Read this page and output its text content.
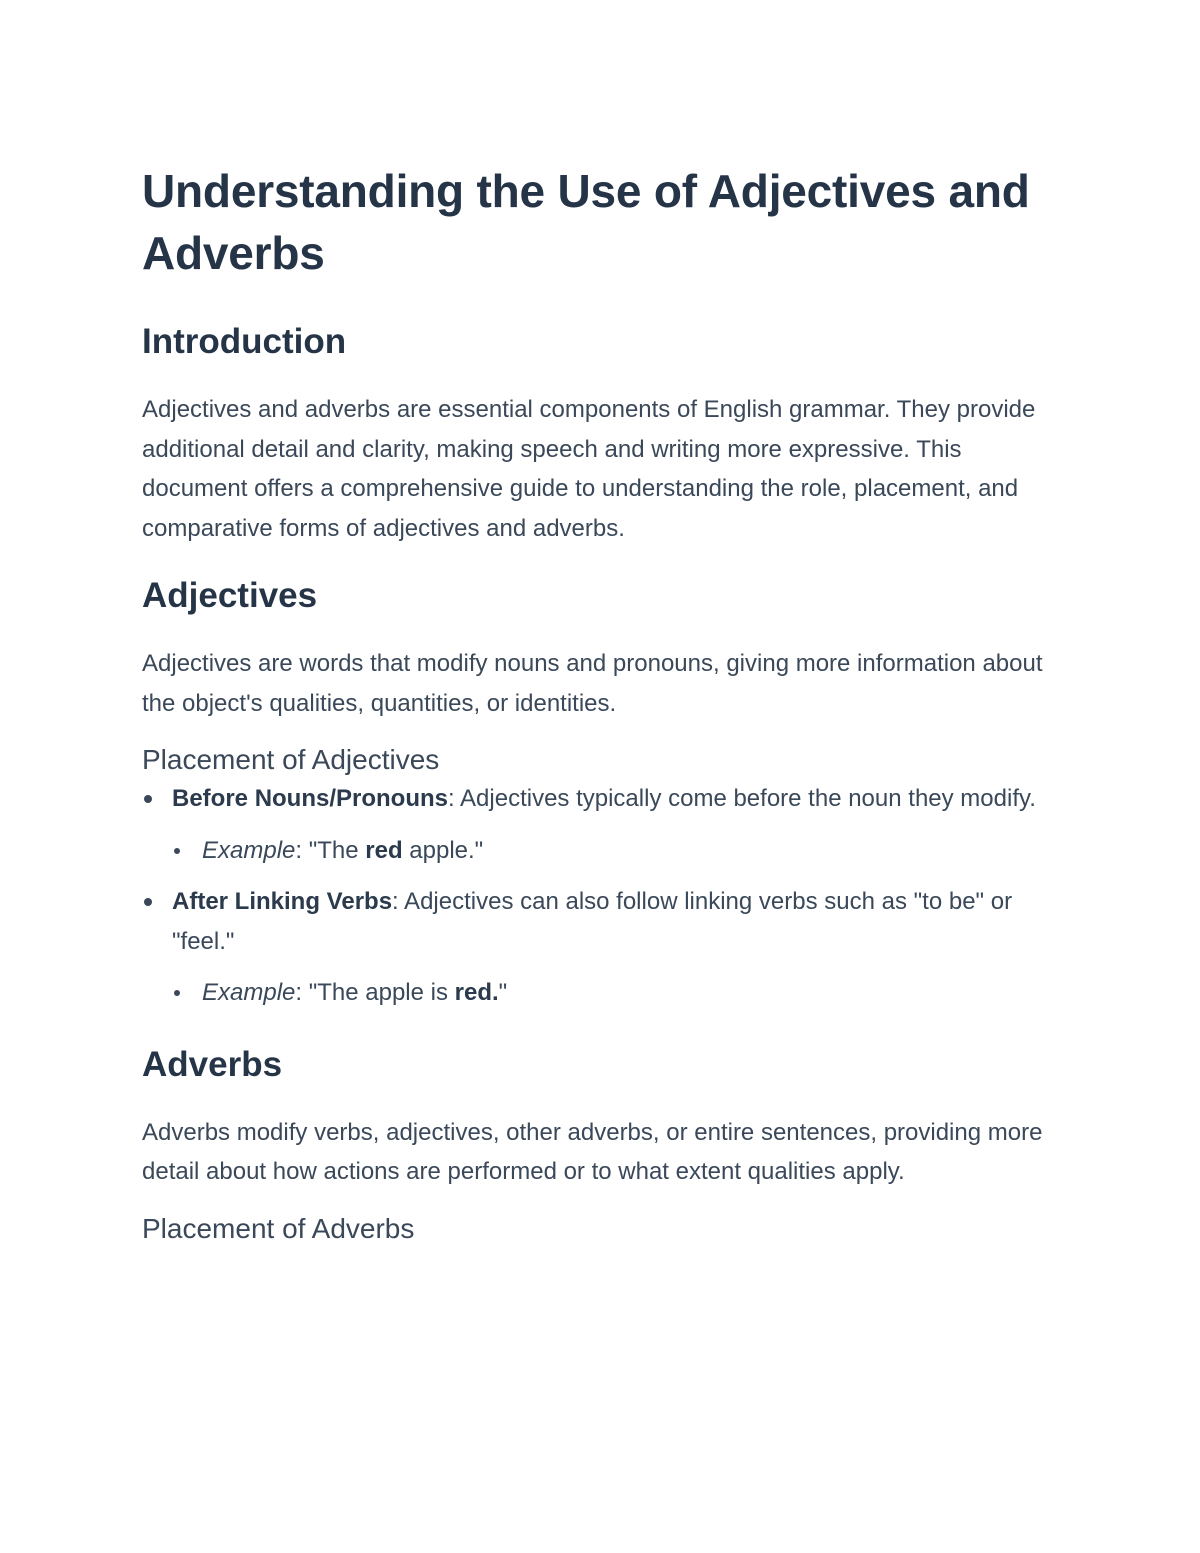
Understanding the Use of Adjectives and Adverbs
Introduction

Adjectives and adverbs are essential components of English grammar. They provide additional detail and clarity, making speech and writing more expressive. This document offers a comprehensive guide to understanding the role, placement, and comparative forms of adjectives and adverbs.

Adjectives

Adjectives are words that modify nouns and pronouns, giving more information about the object's qualities, quantities, or identities.

Placement of Adjectives
Before Nouns/Pronouns: Adjectives typically come before the noun they modify.
Example: "The red apple."
After Linking Verbs: Adjectives can also follow linking verbs such as "to be" or "feel."
Example: "The apple is red."
Adverbs

Adverbs modify verbs, adjectives, other adverbs, or entire sentences, providing more detail about how actions are performed or to what extent qualities apply.

Placement of Adverbs
